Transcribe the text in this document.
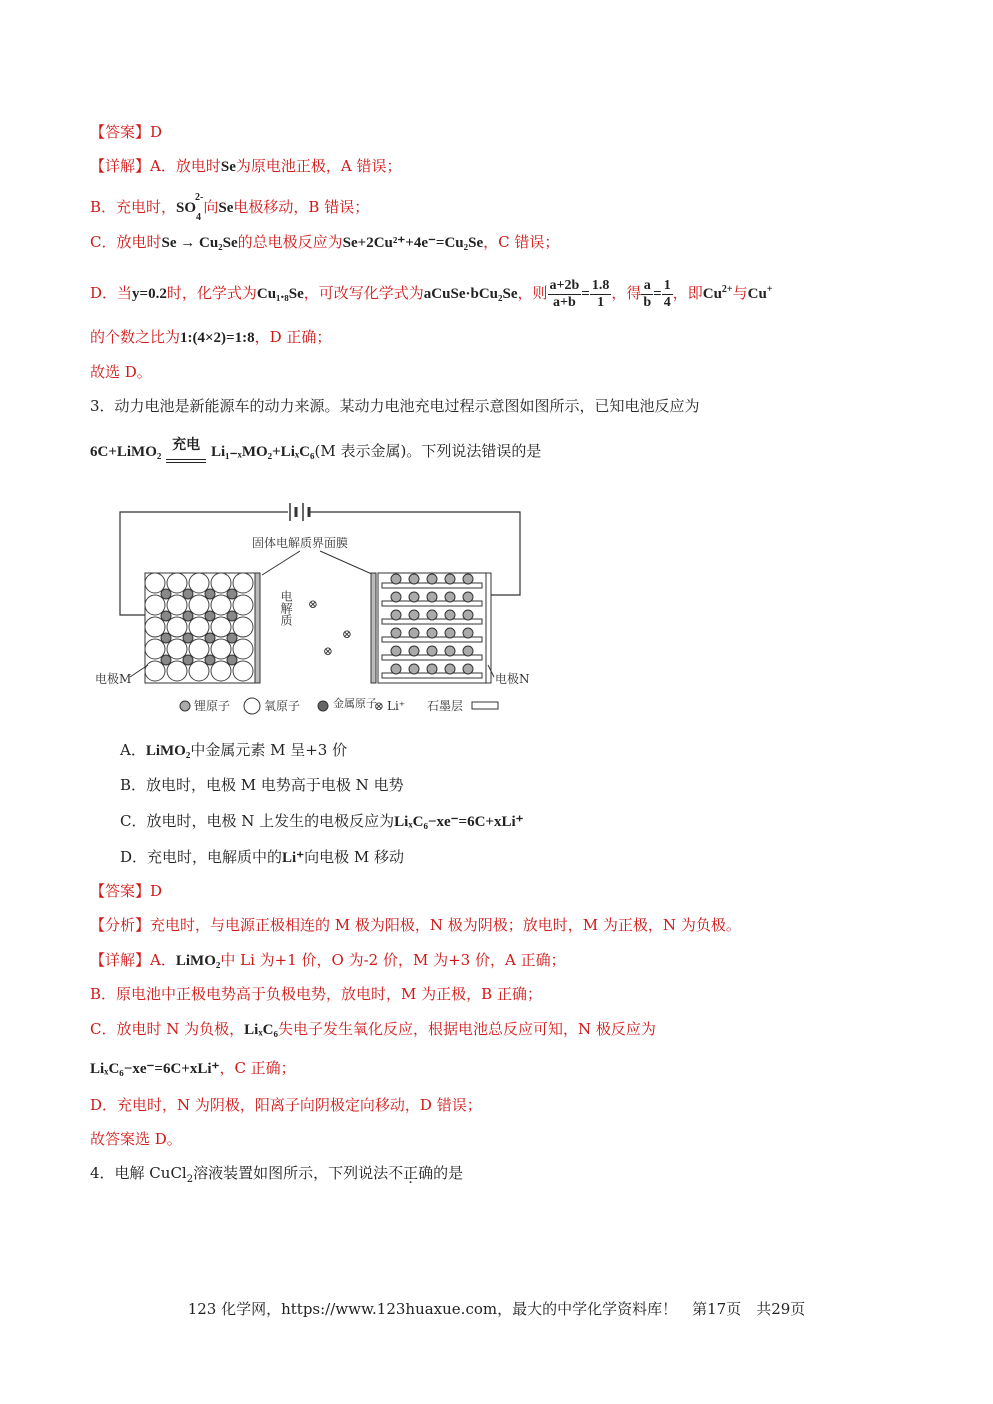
【答案】D
【详解】A．放电时Se为原电池正极，A 错误；
B．充电时，$SO_4^{2-}$向Se电极移动，B 错误；
C．放电时Se → Cu₂Se的总电极反应为Se+2Cu²⁺+4e⁻=Cu₂Se，C 错误；
D．当y=0.2时，化学式为Cu₁.₈Se，可改写化学式为aCuSe·bCu₂Se，则 $\frac{a+2b}{a+b} = \frac{1.8}{1}$ ，得 $\frac{a}{b} = \frac{1}{4}$ ，即$Cu^{2+}$与Cu+
的个数之比为1:(4×2)=1:8，D 正确；
故选 D。
3．动力电池是新能源车的动力来源。某动力电池充电过程示意图如图所示，已知电池反应为
6C+LiMO₂ 充电 Li₁₋ₓMO₂+LiₓC₆(M 表示金属)。下列说法错误的是
固体电解质界面膜
电极M
电解质 ⊗
⊗
⊗
电极N
锂原子	氧原子	金属原子
⊗ Li⁺ 石墨层
A．LiMO₂中金属元素 M 呈+3 价
B．放电时，电极 M 电势高于电极 N 电势
C．放电时，电极 N 上发生的电极反应为LiₓC₆−xe⁻=6C+xLi⁺
D．充电时，电解质中的Li⁺向电极 M 移动
【答案】D
【分析】充电时，与电源正极相连的 M 极为阳极，N 极为阴极；放电时，M 为正极，N 为负极。
【详解】A．LiMO₂中 Li 为+1 价，O 为-2 价，M 为+3 价，A 正确；
B．原电池中正极电势高于负极电势，放电时，M 为正极，B 正确；
C．放电时 N 为负极，LiₓC₆失电子发生氧化反应，根据电池总反应可知，N 极反应为
LiₓC₆−xe⁻=6C+xLi⁺，C 正确；
D．充电时，N 为阴极，阳离子向阴极定向移动，D 错误；
故答案选 D。
4．电解 CuCl$_2$溶液装置如图所示，下列说法不正确的是
123 化学网，https://www.123huaxue.com，最大的中学化学资料库！　第17页　共29页
